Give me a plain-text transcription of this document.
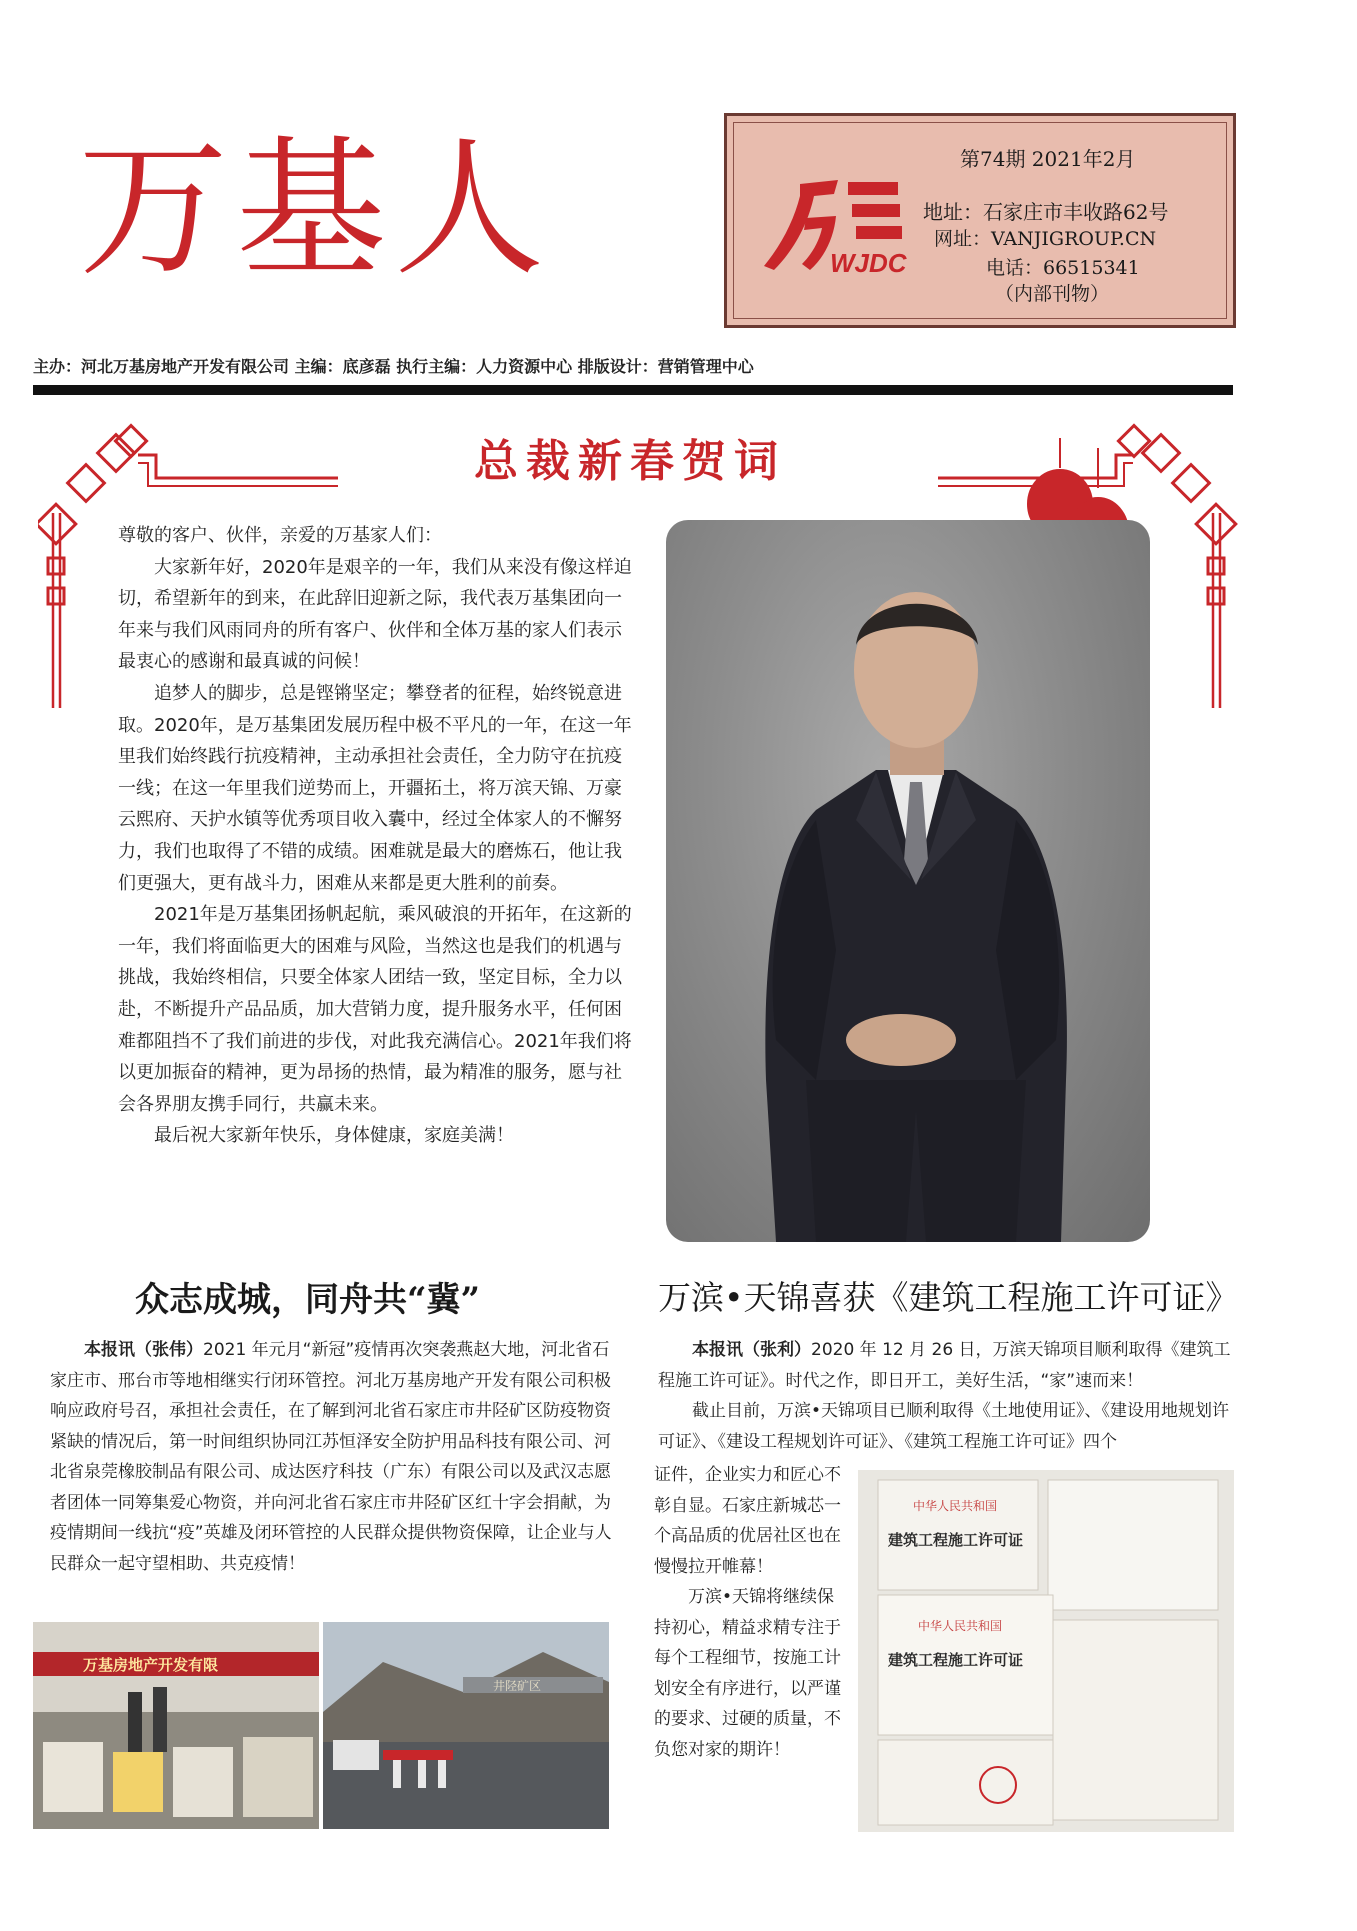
万基人	WJDC
第74期 2021年2月
地址：石家庄市丰收路62号
网址：VANJIGROUP.CN
电话：66515341
（内部刊物）
主办：河北万基房地产开发有限公司 主编：底彦磊 执行主编：人力资源中心 排版设计：营销管理中心
总裁新春贺词

尊敬的客户、伙伴，亲爱的万基家人们：

大家新年好，2020年是艰辛的一年，我们从来没有像这样迫切，希望新年的到来，在此辞旧迎新之际，我代表万基集团向一年来与我们风雨同舟的所有客户、伙伴和全体万基的家人们表示最衷心的感谢和最真诚的问候！

追梦人的脚步，总是铿锵坚定；攀登者的征程，始终锐意进取。2020年，是万基集团发展历程中极不平凡的一年，在这一年里我们始终践行抗疫精神，主动承担社会责任，全力防守在抗疫一线；在这一年里我们逆势而上，开疆拓土，将万滨天锦、万豪云熙府、天护水镇等优秀项目收入囊中，经过全体家人的不懈努力，我们也取得了不错的成绩。困难就是最大的磨炼石，他让我们更强大，更有战斗力，困难从来都是更大胜利的前奏。

2021年是万基集团扬帆起航，乘风破浪的开拓年，在这新的一年，我们将面临更大的困难与风险，当然这也是我们的机遇与挑战，我始终相信，只要全体家人团结一致，坚定目标，全力以赴，不断提升产品品质，加大营销力度，提升服务水平，任何困难都阻挡不了我们前进的步伐，对此我充满信心。2021年我们将以更加振奋的精神，更为昂扬的热情，最为精准的服务，愿与社会各界朋友携手同行，共赢未来。

最后祝大家新年快乐，身体健康，家庭美满！

众志成城，同舟共“冀”
本报讯（张伟）2021 年元月“新冠”疫情再次突袭燕赵大地，河北省石家庄市、邢台市等地相继实行闭环管控。河北万基房地产开发有限公司积极响应政府号召，承担社会责任，在了解到河北省石家庄市井陉矿区防疫物资紧缺的情况后，第一时间组织协同江苏恒泽安全防护用品科技有限公司、河北省泉莞橡胶制品有限公司、成达医疗科技（广东）有限公司以及武汉志愿者团体一同筹集爱心物资，并向河北省石家庄市井陉矿区红十字会捐献，为疫情期间一线抗“疫”英雄及闭环管控的人民群众提供物资保障，让企业与人民群众一起守望相助、共克疫情！
万基房地产开发有限
井陉矿区
万滨•天锦喜获《建筑工程施工许可证》

本报讯（张利）2020 年 12 月 26 日，万滨天锦项目顺利取得《建筑工程施工许可证》。时代之作，即日开工，美好生活，“家”速而来！

截止目前，万滨•天锦项目已顺利取得《土地使用证》、《建设用地规划许可证》、《建设工程规划许可证》、《建筑工程施工许可证》四个

证件，企业实力和匠心不彰自显。石家庄新城芯一个高品质的优居社区也在慢慢拉开帷幕！

万滨•天锦将继续保持初心，精益求精专注于每个工程细节，按施工计划安全有序进行，以严谨的要求、过硬的质量，不负您对家的期许！

中华人民共和国
建筑工程施工许可证
中华人民共和国
建筑工程施工许可证
